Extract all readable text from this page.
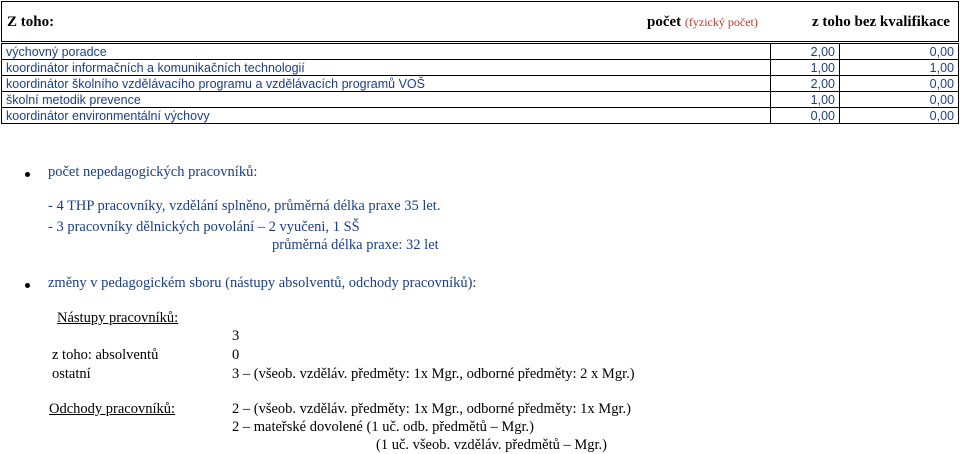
Z toho:	počet (fyzický počet)	z toho bez kvalifikace
výchovný poradce	2,00	0,00
koordinátor informačních a komunikačních technologií	1,00	1,00
koordinátor školního vzdělávacího programu a vzdělávacích programů VOŠ	2,00	0,00
školní metodik prevence	1,00	0,00
koordinátor environmentální výchovy	0,00	0,00
počet nepedagogických pracovníků:
- 4 THP pracovníky, vzdělání splněno, průměrná délka praxe 35 let.
- 3 pracovníky dělnických povolání – 2 vyučeni, 1 SŠ
průměrná délka praxe: 32 let
změny v pedagogickém sboru (nástupy absolventů, odchody pracovníků):
Nástupy pracovníků:
3
z toho: absolventů	0
ostatní	3 – (všeob. vzděláv. předměty: 1x Mgr., odborné předměty: 2 x Mgr.)
Odchody pracovníků:	2 – (všeob. vzděláv. předměty: 1x Mgr., odborné předměty: 1x Mgr.)
2 – mateřské dovolené (1 uč. odb. předmětů – Mgr.)
(1 uč. všeob. vzděláv. předmětů – Mgr.)
